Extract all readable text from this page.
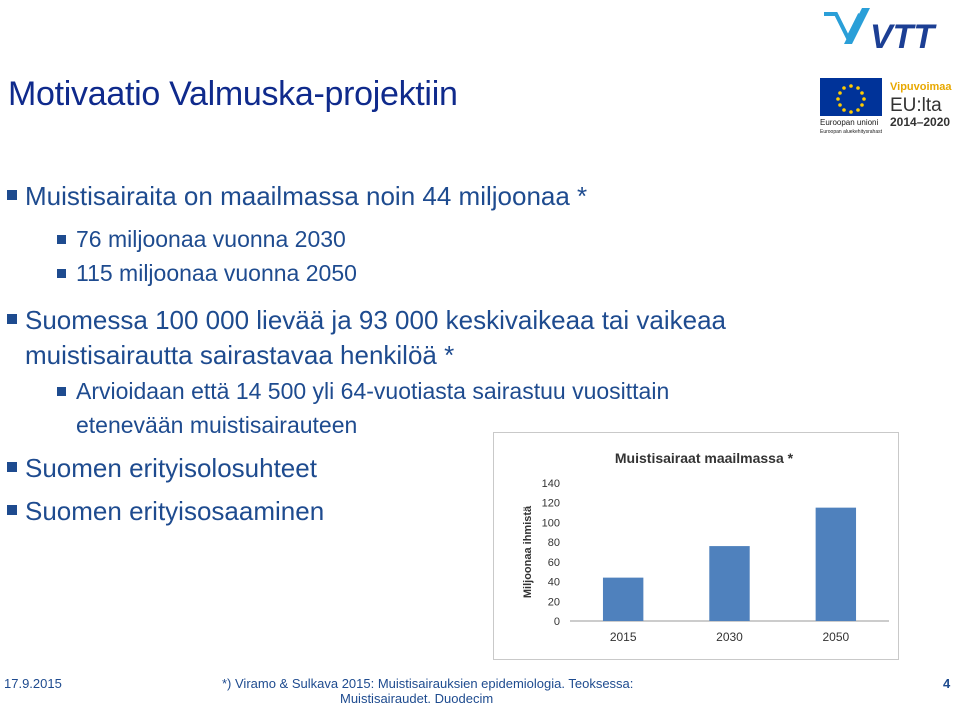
Motivaatio Valmuska-projektiin
VTT
Euroopan unioni
Euroopan aluekehitysrahasto
Vipuvoimaa
EU:lta
2014–2020
Muistisairaita on maailmassa noin 44 miljoonaa *
76 miljoonaa vuonna 2030
115 miljoonaa vuonna 2050
Suomessa 100 000 lievää ja 93 000 keskivaikeaa tai vaikeaa
muistisairautta sairastavaa henkilöä *
Arvioidaan että 14 500 yli 64-vuotiasta sairastuu vuosittain
etenevään muistisairauteen
Suomen erityisolosuhteet
Suomen erityisosaaminen
Muistisairaat maailmassa *
Miljoonaa ihmistä
0
20
40
60
80
100
120
140
2015	2030	2050
17.9.2015	*) Viramo & Sulkava 2015: Muistisairauksien epidemiologia. Teoksessa:
Muistisairaudet. Duodecim
4
